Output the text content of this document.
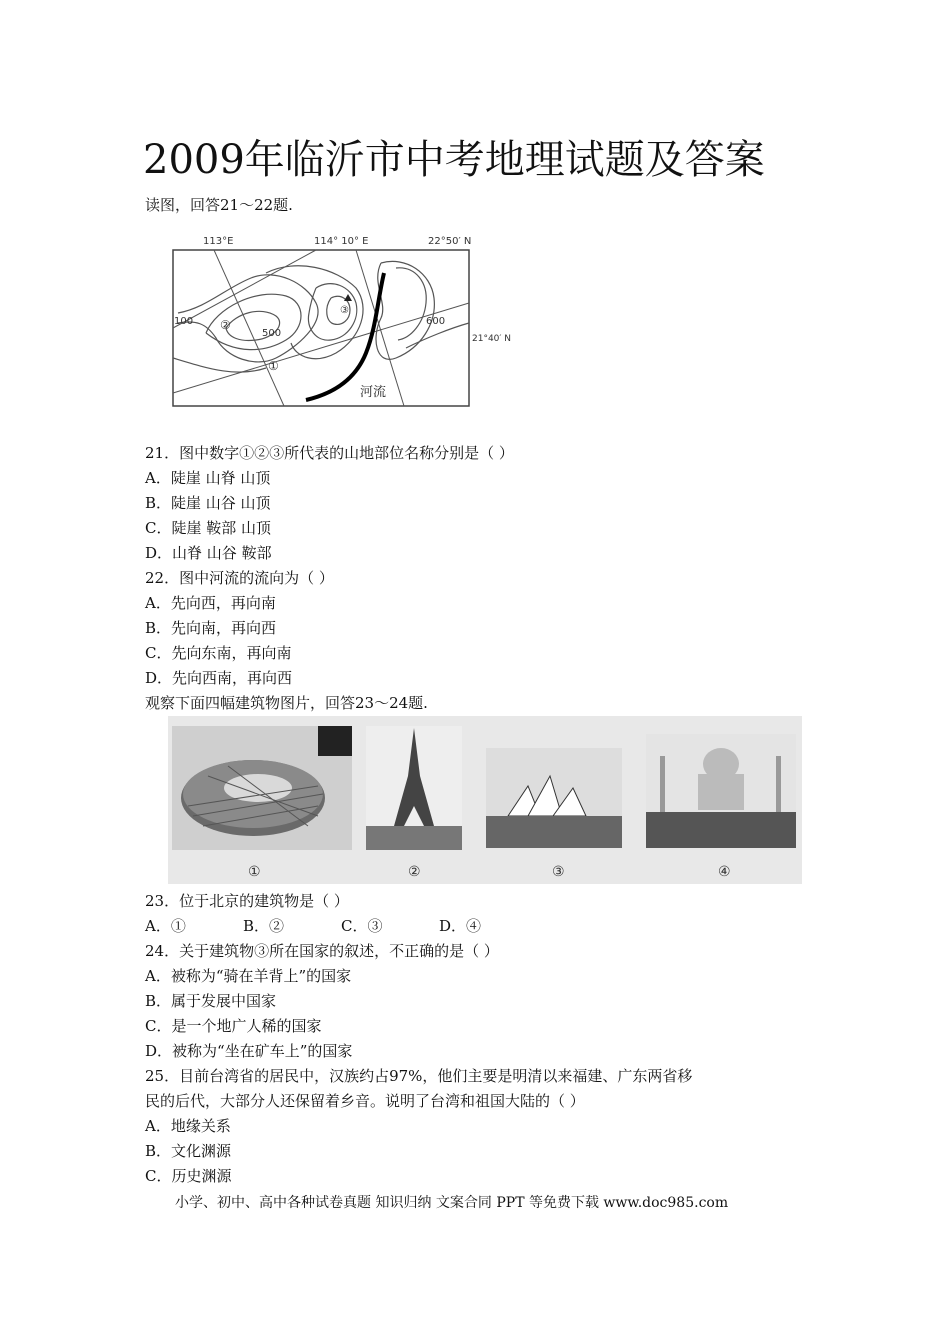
2009年临沂市中考地理试题及答案
读图，回答21～22题.
113°E	114° 10° E	22°50′ N
21°40′ N
100
500
600
①
②
③
河流
21．图中数字①②③所代表的山地部位名称分别是（ ）
A．陡崖 山脊 山顶
B．陡崖 山谷 山顶
C．陡崖 鞍部 山顶
D．山脊 山谷 鞍部
22．图中河流的流向为（ ）
A．先向西，再向南
B．先向南，再向西
C．先向东南，再向南
D．先向西南，再向西
观察下面四幅建筑物图片，回答23～24题.
①	②	③	④
23．位于北京的建筑物是（ ）
A．①	B．②	C．③	D．④
24．关于建筑物③所在国家的叙述，不正确的是（ ）
A．被称为“骑在羊背上”的国家
B．属于发展中国家
C．是一个地广人稀的国家
D．被称为“坐在矿车上”的国家
25．目前台湾省的居民中，汉族约占97%，他们主要是明清以来福建、广东两省移
民的后代，大部分人还保留着乡音。说明了台湾和祖国大陆的（ ）
A．地缘关系
B．文化渊源
C．历史渊源
小学、初中、高中各种试卷真题 知识归纳 文案合同 PPT 等免费下载 www.doc985.com
